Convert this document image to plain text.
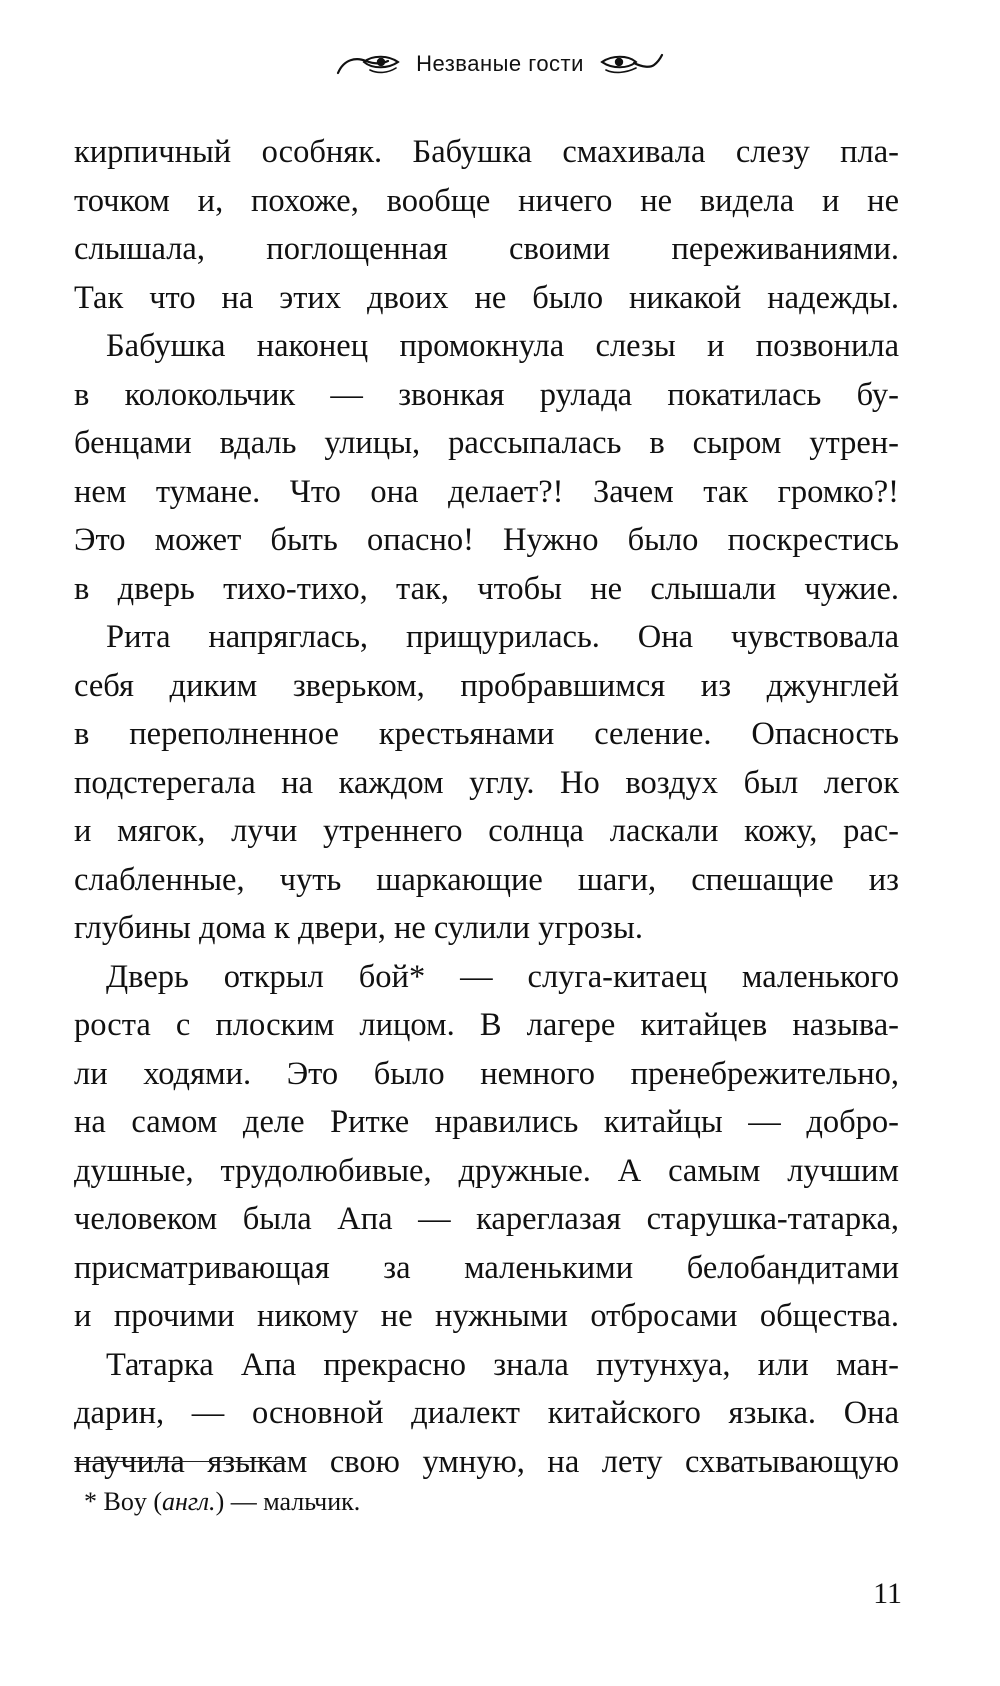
Незваные гости

кирпичный особняк. Бабушка смахивала слезу пла-
точком и, похоже, вообще ничего не видела и не
слышала, поглощенная своими переживаниями.
Так что на этих двоих не было никакой надежды.

Бабушка наконец промокнула слезы и позвонила
в колокольчик — звонкая рулада покатилась бу-
бенцами вдаль улицы, рассыпалась в сыром утрен-
нем тумане. Что она делает?! Зачем так громко?!
Это может быть опасно! Нужно было поскрестись
в дверь тихо-тихо, так, чтобы не слышали чужие.

Рита напряглась, прищурилась. Она чувствовала
себя диким зверьком, пробравшимся из джунглей
в переполненное крестьянами селение. Опасность
подстерегала на каждом углу. Но воздух был легок
и мягок, лучи утреннего солнца ласкали кожу, рас-
слабленные, чуть шаркающие шаги, спешащие из
глубины дома к двери, не сулили угрозы.

Дверь открыл бой* — слуга-китаец маленького
роста с плоским лицом. В лагере китайцев называ-
ли ходями. Это было немного пренебрежительно,
на самом деле Ритке нравились китайцы — добро-
душные, трудолюбивые, дружные. А самым лучшим
человеком была Апа — кареглазая старушка-татарка,
присматривающая за маленькими белобандитами
и прочими никому не нужными отбросами общества.

Татарка Апа прекрасно знала путунхуа, или ман-
дарин, — основной диалект китайского языка. Она
научила языкам свою умную, на лету схватывающую

* Boy (англ.) — мальчик.
11
